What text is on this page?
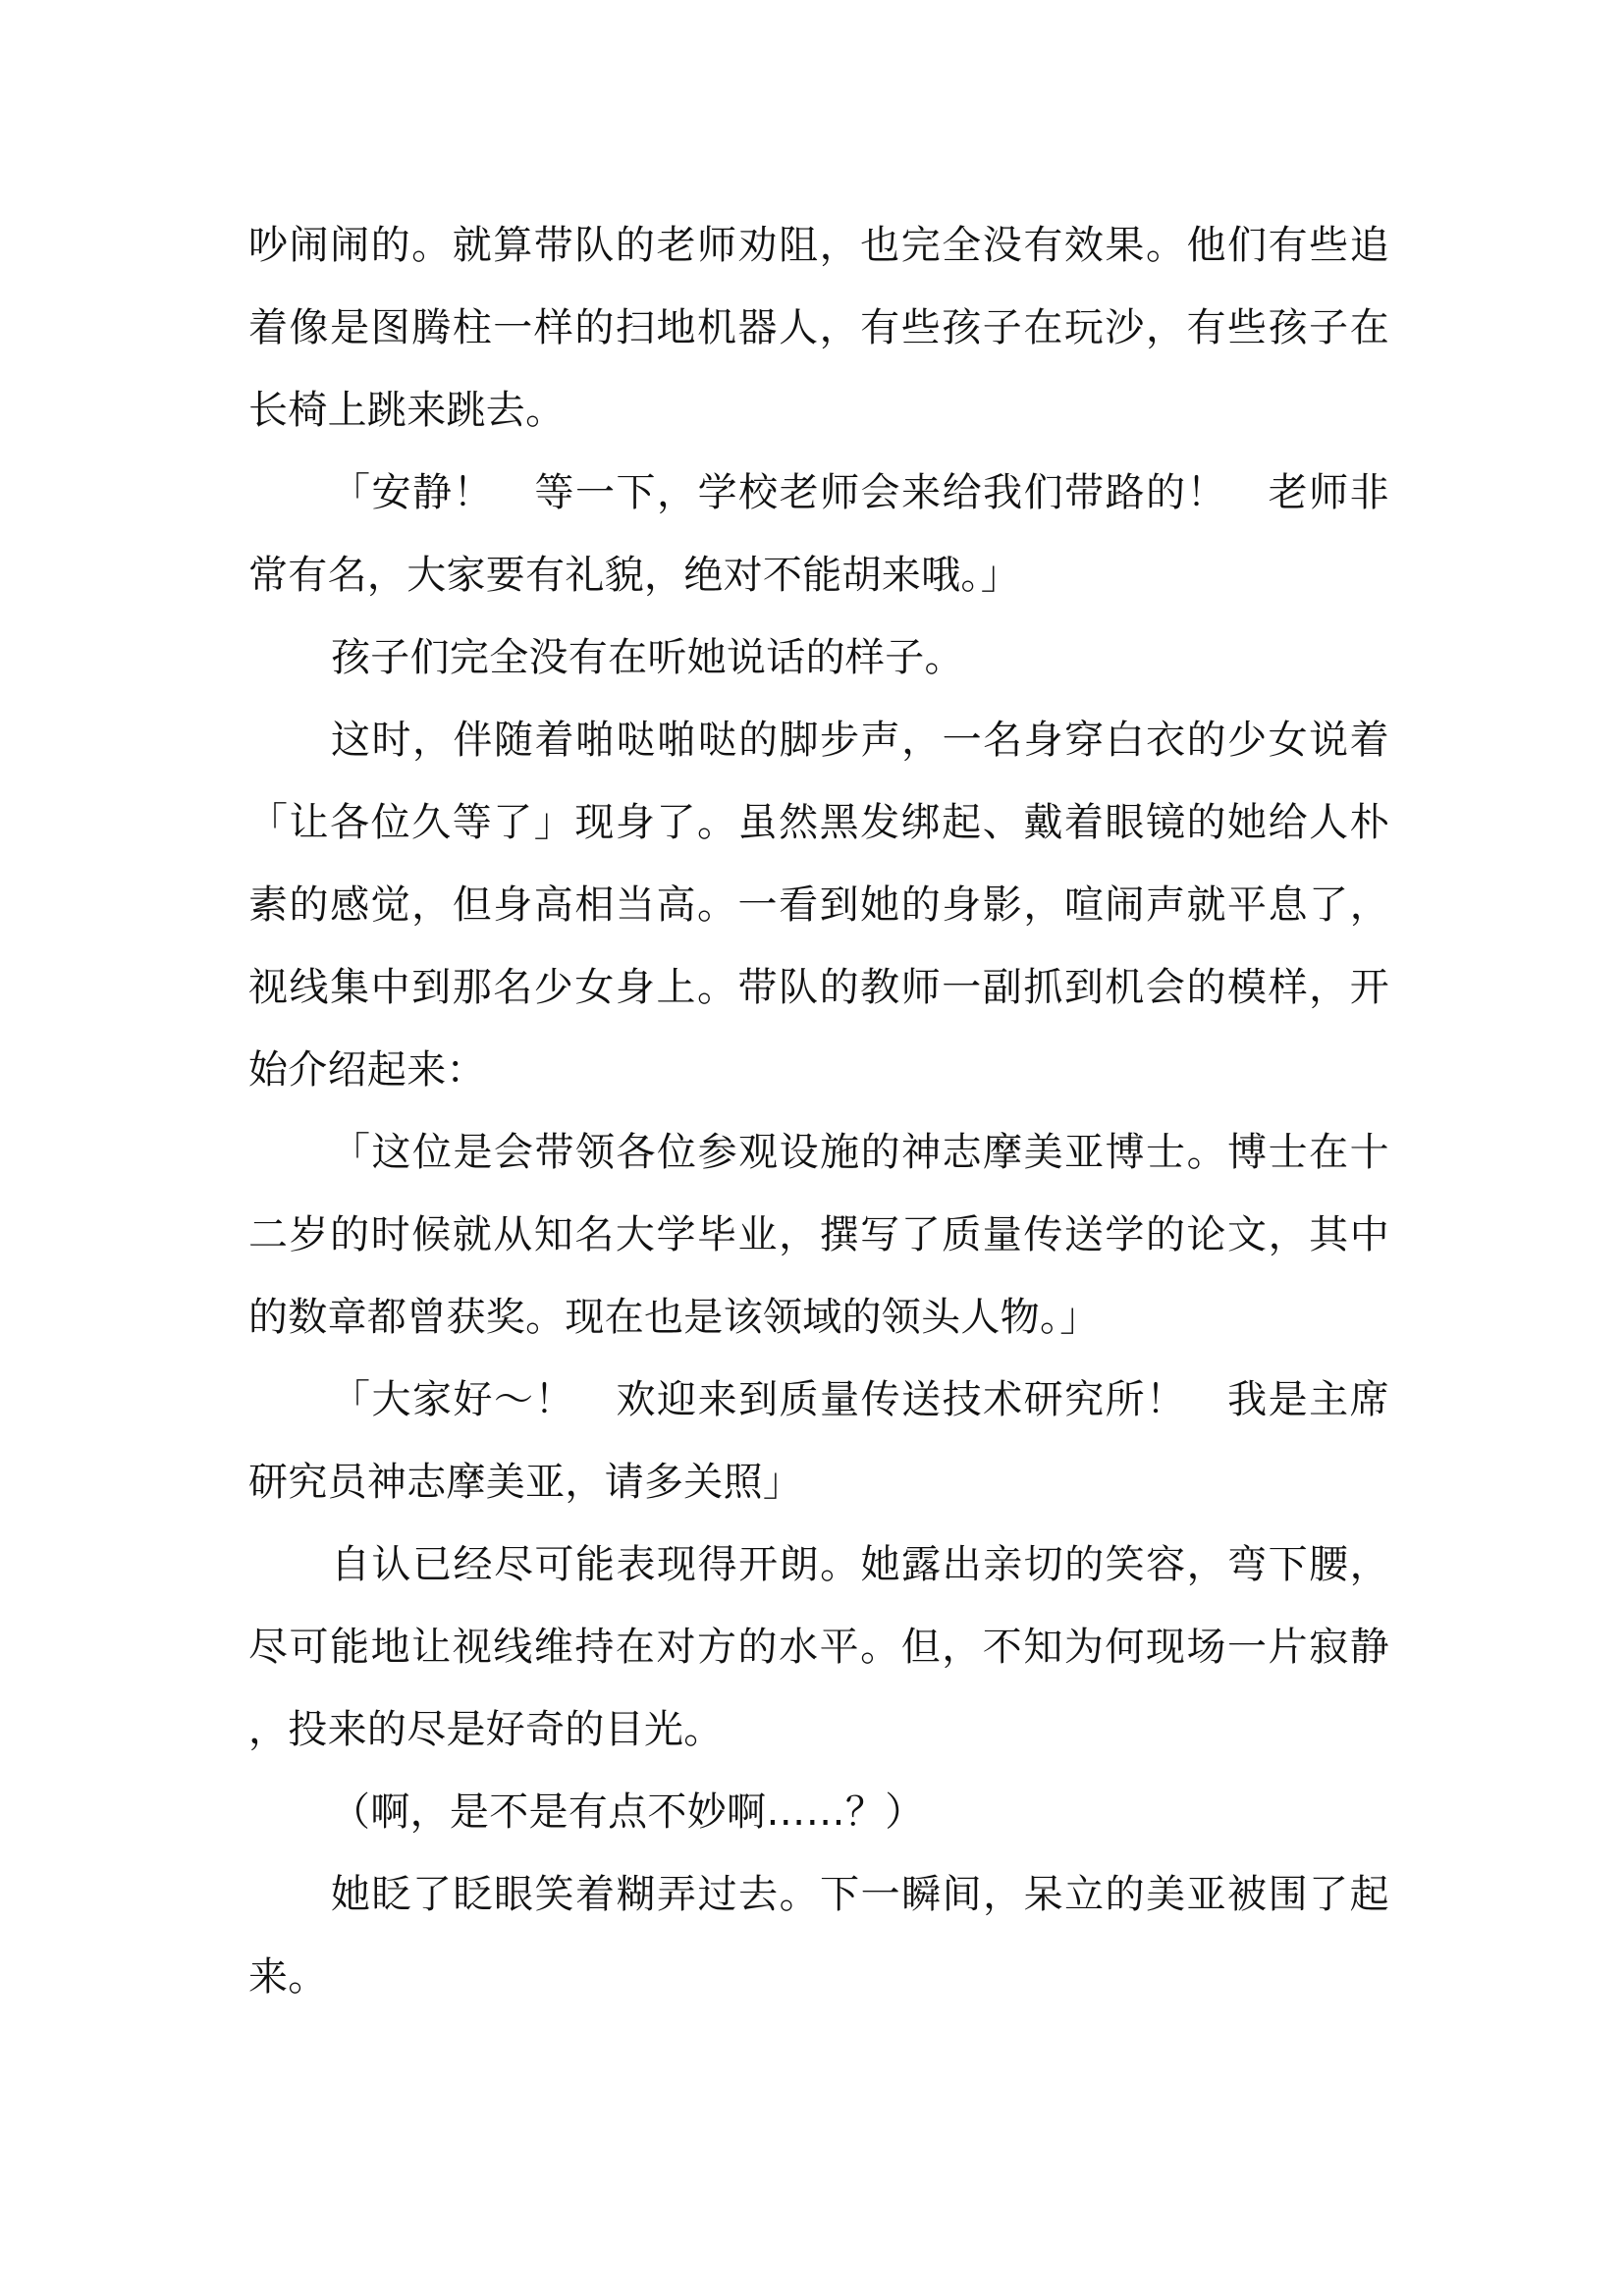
吵闹闹的。就算带队的老师劝阻，也完全没有效果。他们有些追着像是图腾柱一样的扫地机器人，有些孩子在玩沙，有些孩子在长椅上跳来跳去。

「安静！　等一下，学校老师会来给我们带路的！　老师非常有名，大家要有礼貌，绝对不能胡来哦。」

孩子们完全没有在听她说话的样子。

这时，伴随着啪哒啪哒的脚步声，一名身穿白衣的少女说着「让各位久等了」现身了。虽然黑发绑起、戴着眼镜的她给人朴素的感觉，但身高相当高。一看到她的身影，喧闹声就平息了，视线集中到那名少女身上。带队的教师一副抓到机会的模样，开始介绍起来：

「这位是会带领各位参观设施的神志摩美亚博士。博士在十二岁的时候就从知名大学毕业，撰写了质量传送学的论文，其中的数章都曾获奖。现在也是该领域的领头人物。」

「大家好～！　欢迎来到质量传送技术研究所！　我是主席研究员神志摩美亚，请多关照」

自认已经尽可能表现得开朗。她露出亲切的笑容，弯下腰，尽可能地让视线维持在对方的水平。但，不知为何现场一片寂静，投来的尽是好奇的目光。

（啊，是不是有点不妙啊……？）

她眨了眨眼笑着糊弄过去。下一瞬间，呆立的美亚被围了起来。
